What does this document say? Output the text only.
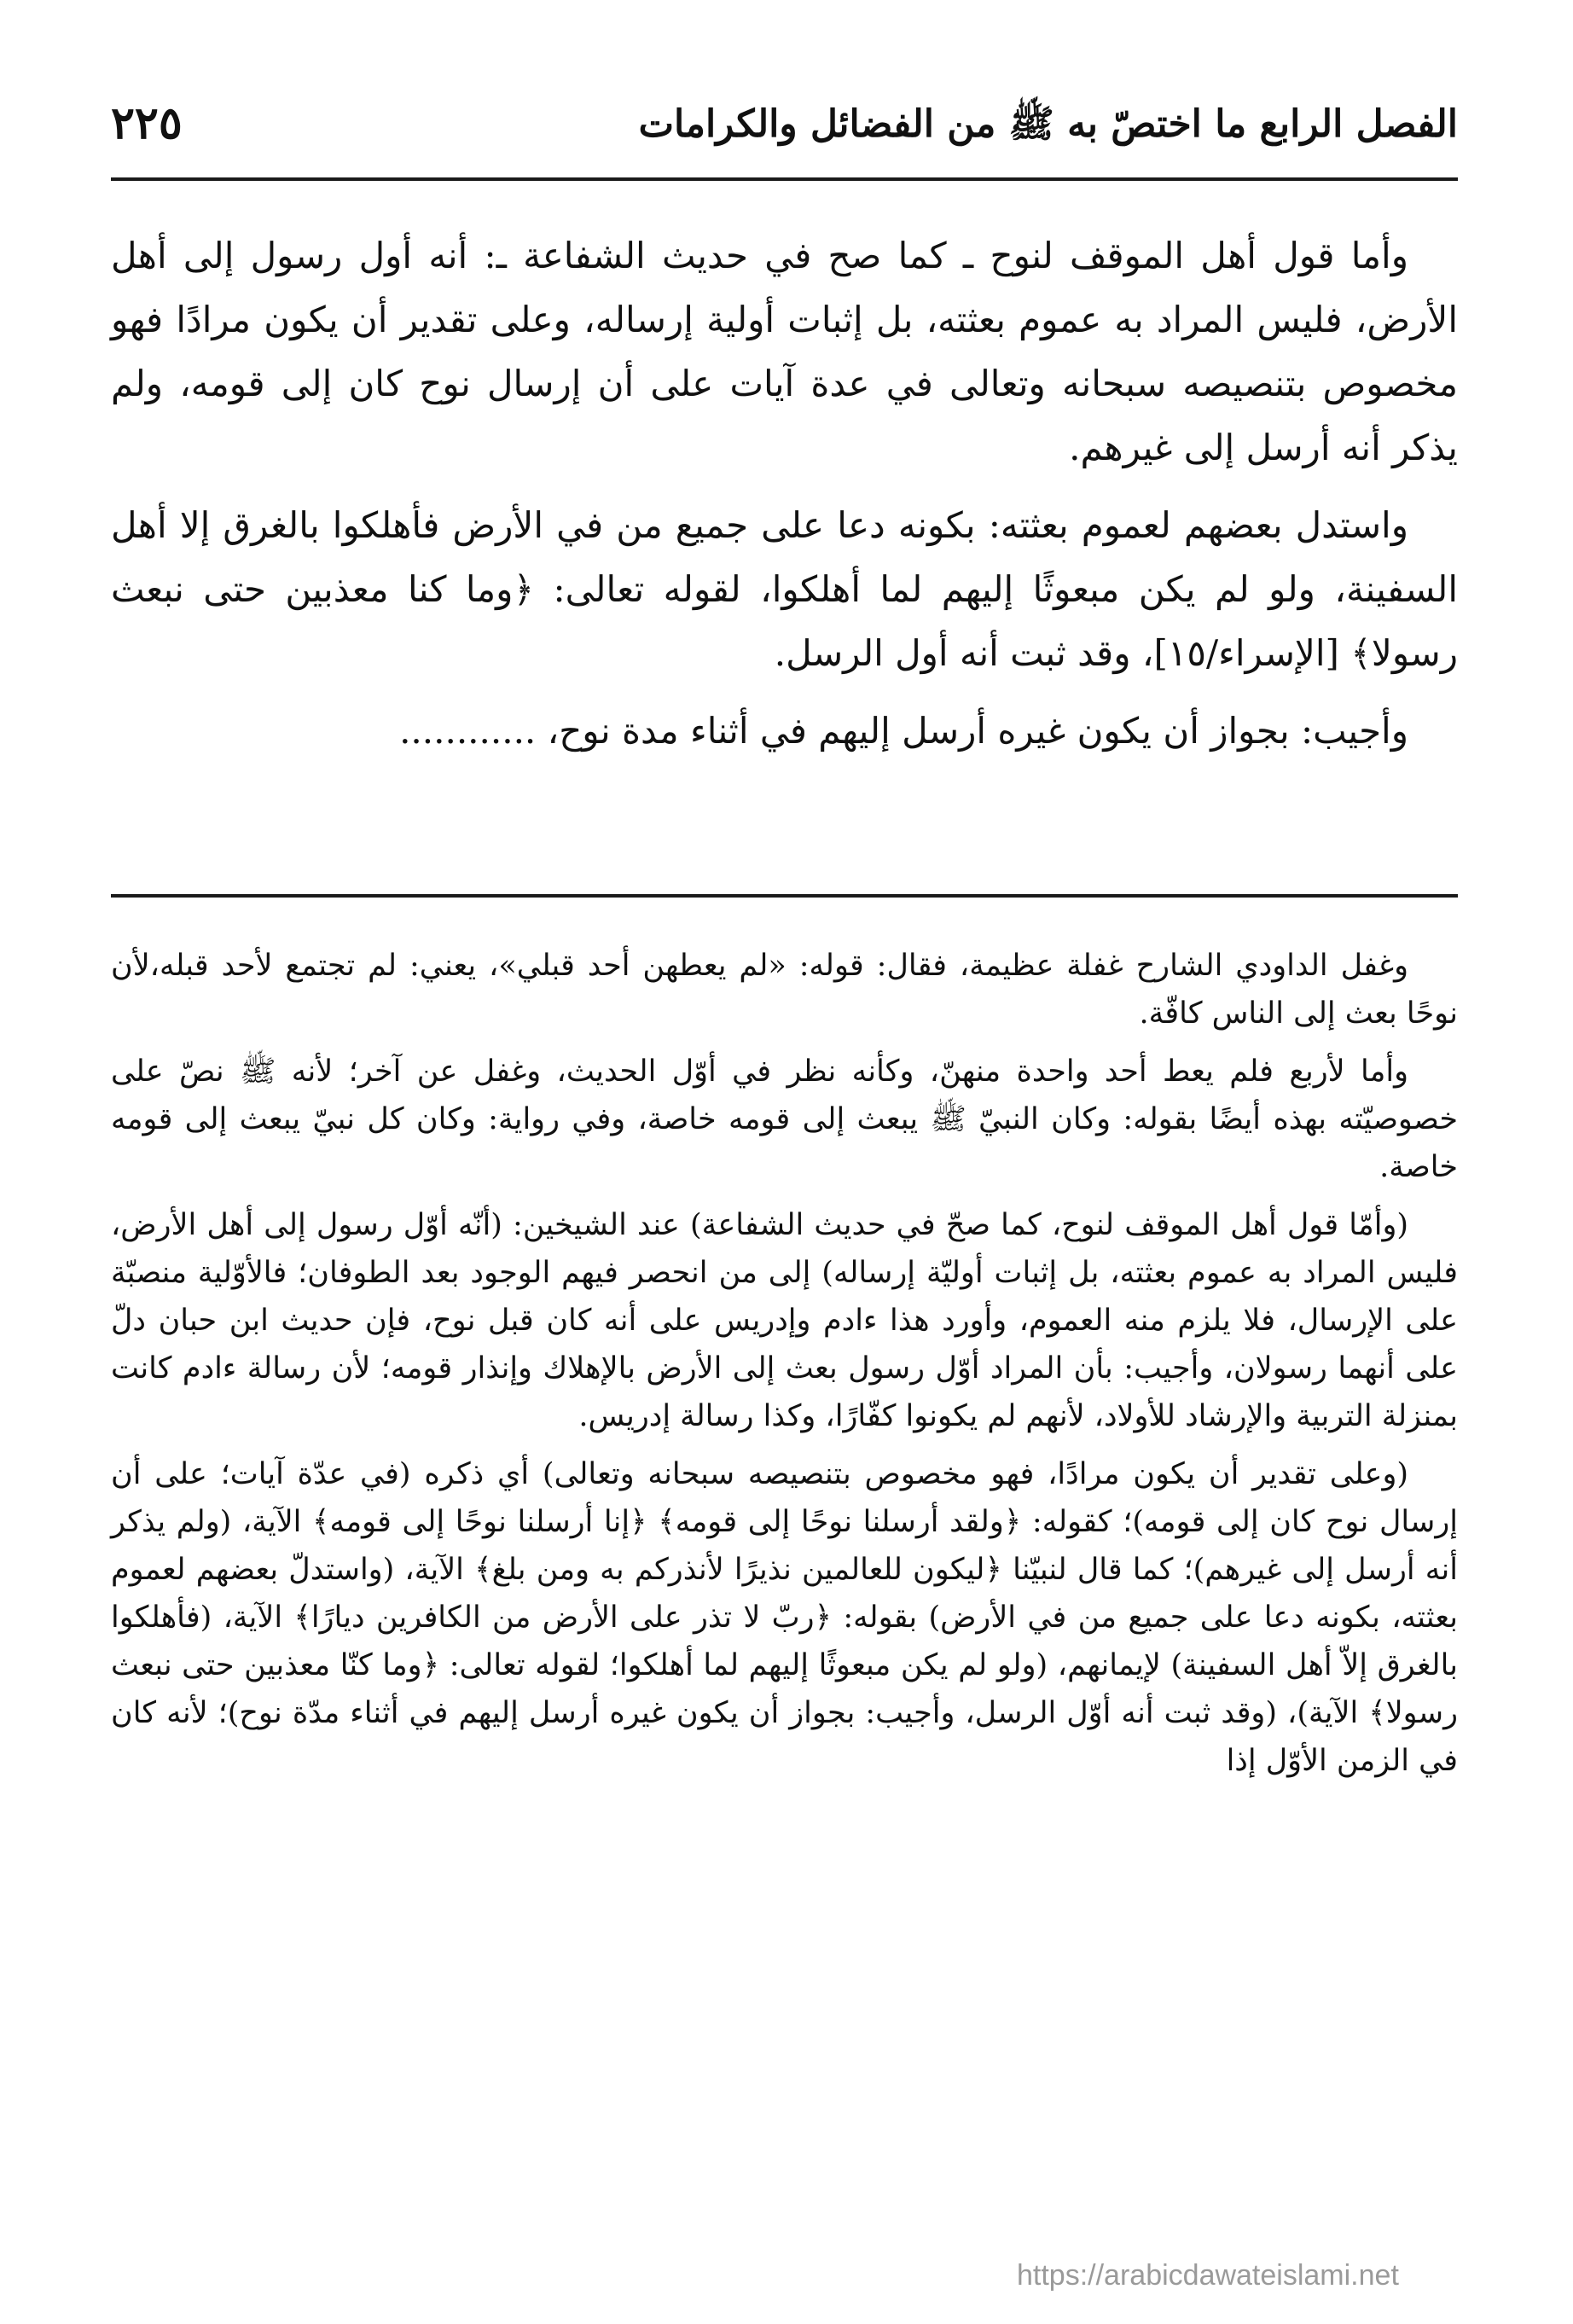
الفصل الرابع ما اختصّ به ﷺ من الفضائل والكرامات
٢٢٥

وأما قول أهل الموقف لنوح ـ كما صح في حديث الشفاعة ـ: أنه أول رسول إلى أهل الأرض، فليس المراد به عموم بعثته، بل إثبات أولية إرساله، وعلى تقدير أن يكون مرادًا فهو مخصوص بتنصيصه سبحانه وتعالى في عدة آيات على أن إرسال نوح كان إلى قومه، ولم يذكر أنه أرسل إلى غيرهم.

واستدل بعضهم لعموم بعثته: بكونه دعا على جميع من في الأرض فأهلكوا بالغرق إلا أهل السفينة، ولو لم يكن مبعوثًا إليهم لما أهلكوا، لقوله تعالى: ﴿وما كنا معذبين حتى نبعث رسولا﴾ [الإسراء/١٥]، وقد ثبت أنه أول الرسل.

وأجيب: بجواز أن يكون غيره أرسل إليهم في أثناء مدة نوح، ............

وغفل الداودي الشارح غفلة عظيمة، فقال: قوله: «لم يعطهن أحد قبلي»، يعني: لم تجتمع لأحد قبله،لأن نوحًا بعث إلى الناس كافّة.

وأما لأربع فلم يعط أحد واحدة منهنّ، وكأنه نظر في أوّل الحديث، وغفل عن آخر؛ لأنه ﷺ نصّ على خصوصيّته بهذه أيضًا بقوله: وكان النبيّ ﷺ يبعث إلى قومه خاصة، وفي رواية: وكان كل نبيّ يبعث إلى قومه خاصة.

(وأمّا قول أهل الموقف لنوح، كما صحّ في حديث الشفاعة) عند الشيخين: (أنّه أوّل رسول إلى أهل الأرض، فليس المراد به عموم بعثته، بل إثبات أوليّة إرساله) إلى من انحصر فيهم الوجود بعد الطوفان؛ فالأوّلية منصبّة على الإرسال، فلا يلزم منه العموم، وأورد هذا ءادم وإدريس على أنه كان قبل نوح، فإن حديث ابن حبان دلّ على أنهما رسولان، وأجيب: بأن المراد أوّل رسول بعث إلى الأرض بالإهلاك وإنذار قومه؛ لأن رسالة ءادم كانت بمنزلة التربية والإرشاد للأولاد، لأنهم لم يكونوا كفّارًا، وكذا رسالة إدريس.

(وعلى تقدير أن يكون مرادًا، فهو مخصوص بتنصيصه سبحانه وتعالى) أي ذكره (في عدّة آيات؛ على أن إرسال نوح كان إلى قومه)؛ كقوله: ﴿ولقد أرسلنا نوحًا إلى قومه﴾ ﴿إنا أرسلنا نوحًا إلى قومه﴾ الآية، (ولم يذكر أنه أرسل إلى غيرهم)؛ كما قال لنبيّنا ﴿ليكون للعالمين نذيرًا لأنذركم به ومن بلغ﴾ الآية، (واستدلّ بعضهم لعموم بعثته، بكونه دعا على جميع من في الأرض) بقوله: ﴿ربّ لا تذر على الأرض من الكافرين ديارًا﴾ الآية، (فأهلكوا بالغرق إلاّ أهل السفينة) لإيمانهم، (ولو لم يكن مبعوثًا إليهم لما أهلكوا؛ لقوله تعالى: ﴿وما كنّا معذبين حتى نبعث رسولا﴾ الآية)، (وقد ثبت أنه أوّل الرسل، وأجيب: بجواز أن يكون غيره أرسل إليهم في أثناء مدّة نوح)؛ لأنه كان في الزمن الأوّل إذا

https://arabicdawateislami.net
